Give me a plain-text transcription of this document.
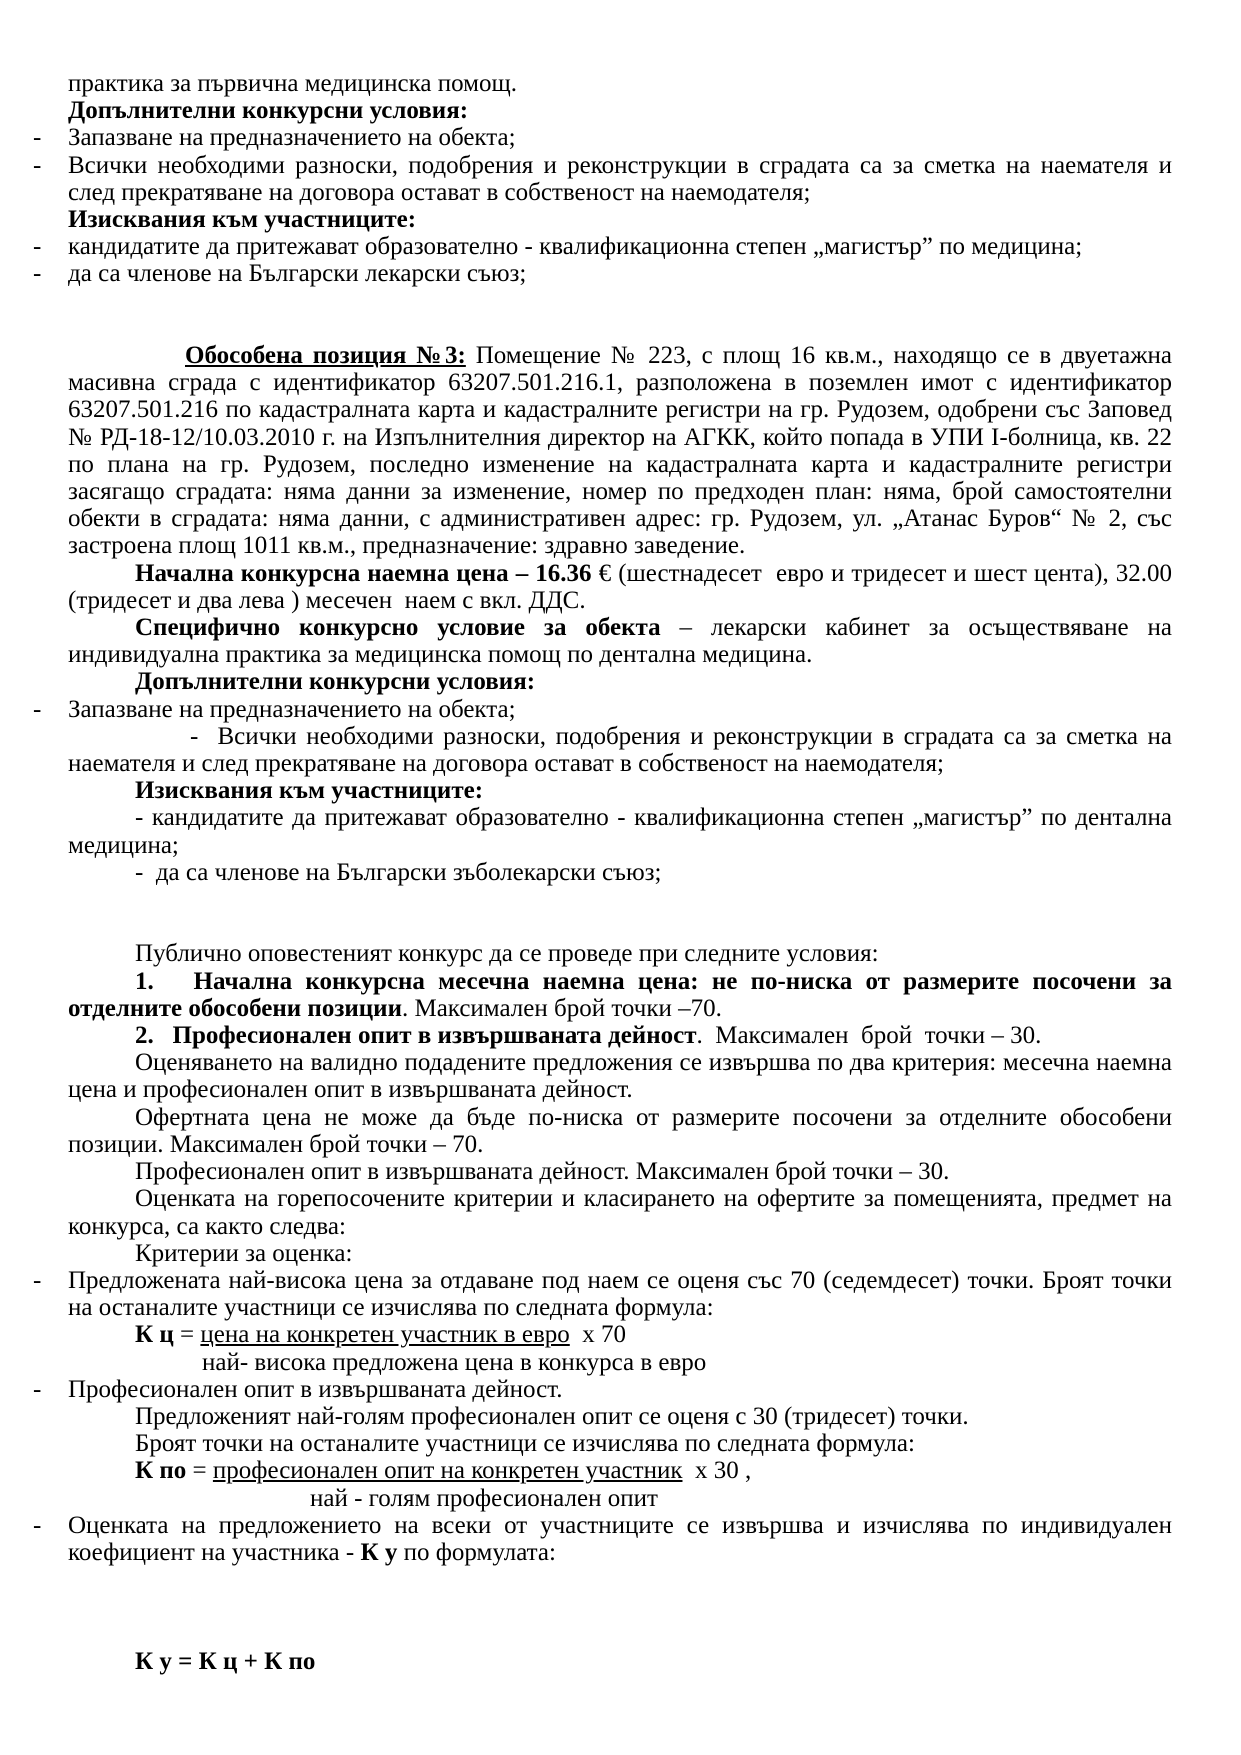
практика за първична медицинска помощ.

Допълнителни конкурсни условия:

- Запазване на предназначението на обекта;

- Всички необходими разноски, подобрения и реконструкции в сградата са за сметка на наемателя и след прекратяване на договора остават в собственост на наемодателя;

Изисквания към участниците:

- кандидатите да притежават образователно - квалификационна степен „магистър” по медицина;

- да са членове на Български лекарски съюз;

Обособена позиция №3: Помещение № 223, с площ 16 кв.м., находящо се в двуетажна масивна сграда с идентификатор 63207.501.216.1, разположена в поземлен имот с идентификатор 63207.501.216 по кадастралната карта и кадастралните регистри на гр. Рудозем, одобрени със Заповед № РД-18-12/10.03.2010 г. на Изпълнителния директор на АГКК, който попада в УПИ I-болница, кв. 22 по плана на гр. Рудозем, последно изменение на кадастралната карта и кадастралните регистри засягащо сградата: няма данни за изменение, номер по предходен план: няма, брой самостоятелни обекти в сградата: няма данни, с административен адрес: гр. Рудозем, ул. „Атанас Буров“ № 2, със застроена площ 1011 кв.м., предназначение: здравно заведение.

Начална конкурсна наемна цена – 16.36 € (шестнадесет  евро и тридесет и шест цента), 32.00 (тридесет и два лева ) месечен  наем с вкл. ДДС.

Специфично конкурсно условие за обекта – лекарски кабинет за осъществяване на индивидуална практика за медицинска помощ по дентална медицина.

Допълнителни конкурсни условия:

- Запазване на предназначението на обекта;

-  Всички необходими разноски, подобрения и реконструкции в сградата са за сметка на наемателя и след прекратяване на договора остават в собственост на наемодателя;

Изисквания към участниците:

- кандидатите да притежават образователно - квалификационна степен „магистър” по дентална медицина;

-  да са членове на Български зъболекарски съюз;

Публично оповестеният конкурс да се проведе при следните условия:

1.   Начална конкурсна месечна наемна цена: не по-ниска от размерите посочени за отделните обособени позиции. Максимален брой точки –70.

2.   Професионален опит в извършваната дейност.  Максимален  брой  точки – 30.

Оценяването на валидно подадените предложения се извършва по два критерия: месечна наемна цена и професионален опит в извършваната дейност.

Офертната цена не може да бъде по-ниска от размерите посочени за отделните обособени позиции. Максимален брой точки – 70.

Професионален опит в извършваната дейност. Максимален брой точки – 30.

Оценката на горепосочените критерии и класирането на офертите за помещенията, предмет на конкурса, са както следва:

Критерии за оценка:

- Предложената най-висока цена за отдаване под наем се оценя със 70 (седемдесет) точки. Броят точки на останалите участници се изчислява по следната формула:

К ц = цена на конкретен участник в евро  х 70

най- висока предложена цена в конкурса в евро

- Професионален опит в извършваната дейност.

Предложеният най-голям професионален опит се оценя с 30 (тридесет) точки.

Броят точки на останалите участници се изчислява по следната формула:

К по = професионален опит на конкретен участник  х 30 ,

най - голям професионален опит

- Оценката на предложението на всеки от участниците се извършва и изчислява по индивидуален коефициент на участника - К у по формулата:

К у = К ц + К по
